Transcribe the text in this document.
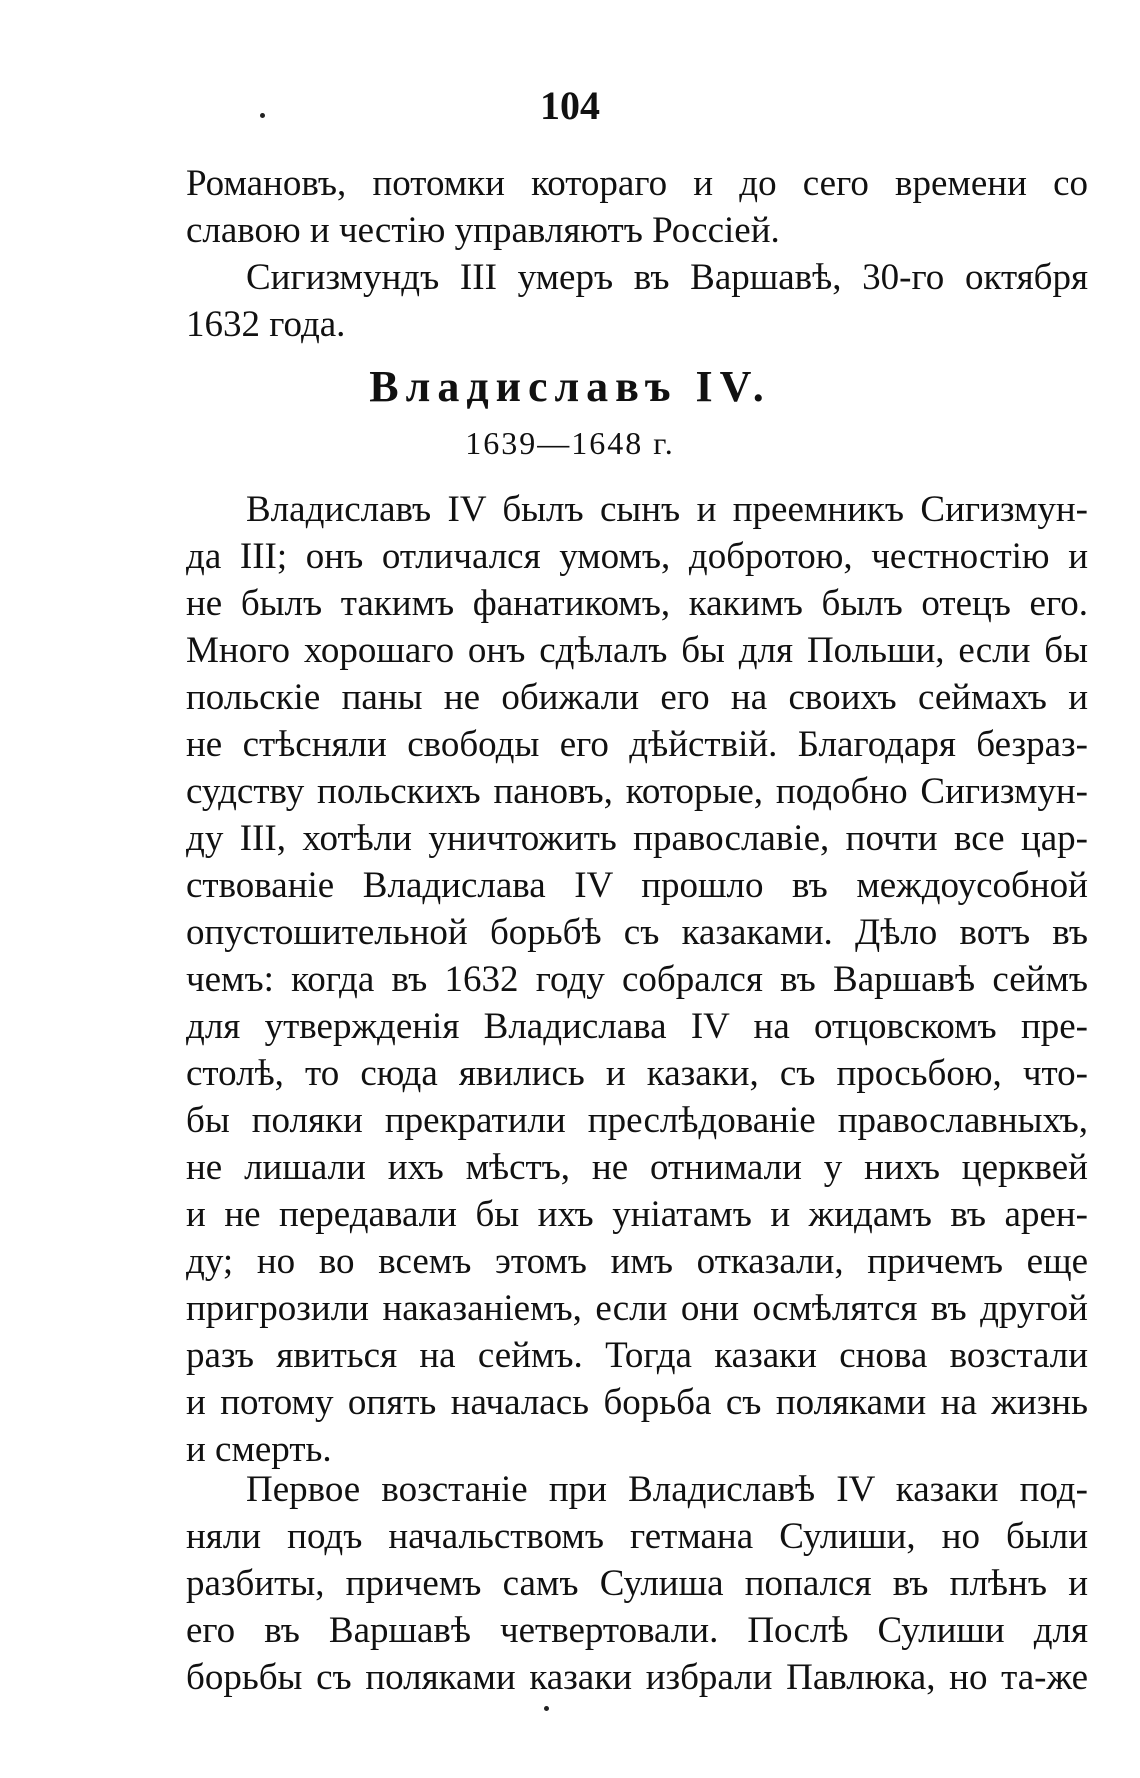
104
Романовъ, потомки котораго и до сего времени со
славою и честію управляютъ Россіей.
Сигизмундъ III умеръ въ Варшавѣ, 30-го октября
1632 года.
Владиславъ IV.
1639—1648 г.
Владиславъ IV былъ сынъ и преемникъ Сигизмун-
да III; онъ отличался умомъ, добротою, честностію и
не былъ такимъ фанатикомъ, какимъ былъ отецъ его.
Много хорошаго онъ сдѣлалъ бы для Польши, если бы
польскіе паны не обижали его на своихъ сеймахъ и
не стѣсняли свободы его дѣйствій. Благодаря безраз-
судству польскихъ пановъ, которые, подобно Сигизмун-
ду III, хотѣли уничтожить православіе, почти все цар-
ствованіе Владислава IV прошло въ междоусобной
опустошительной борьбѣ съ казаками. Дѣло вотъ въ
чемъ: когда въ 1632 году собрался въ Варшавѣ сеймъ
для утвержденія Владислава IV на отцовскомъ пре-
столѣ, то сюда явились и казаки, съ просьбою, что-
бы поляки прекратили преслѣдованіе православныхъ,
не лишали ихъ мѣстъ, не отнимали у нихъ церквей
и не передавали бы ихъ уніатамъ и жидамъ въ арен-
ду; но во всемъ этомъ имъ отказали, причемъ еще
пригрозили наказаніемъ, если они осмѣлятся въ другой
разъ явиться на сеймъ. Тогда казаки снова возстали
и потому опять началась борьба съ поляками на жизнь
и смерть.
Первое возстаніе при Владиславѣ IV казаки под-
няли подъ начальствомъ гетмана Сулиши, но были
разбиты, причемъ самъ Сулиша попался въ плѣнъ и
его въ Варшавѣ четвертовали. Послѣ Сулиши для
борьбы съ поляками казаки избрали Павлюка, но та-же
